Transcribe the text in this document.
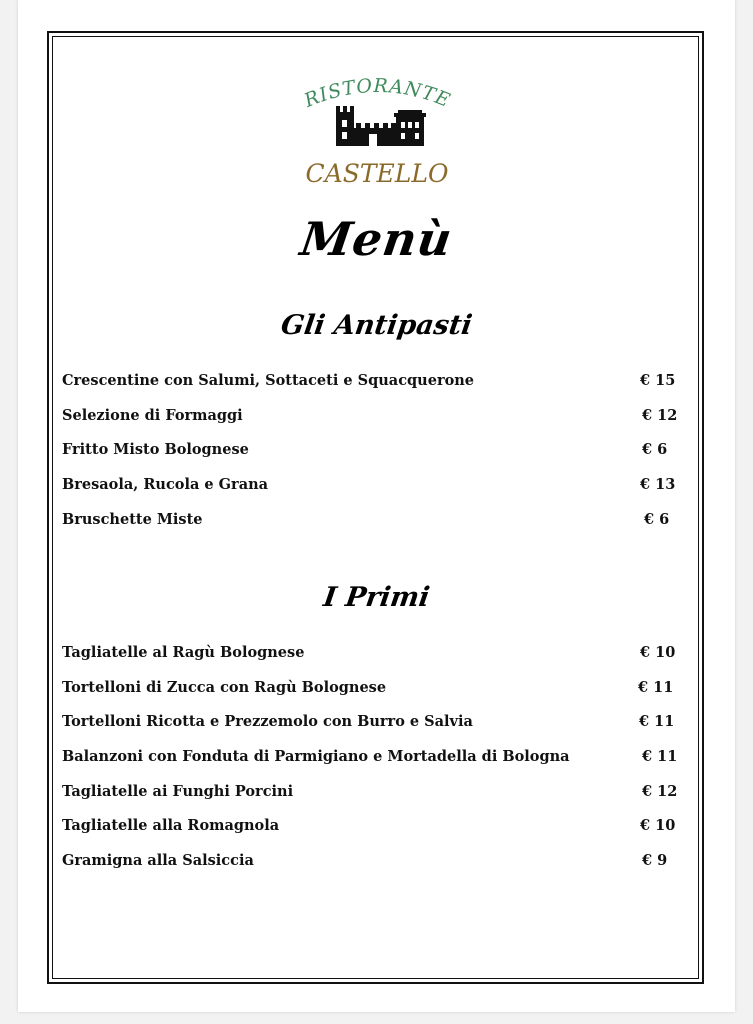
RISTORANTE
CASTELLO
Menù
Gli Antipasti
Crescentine con Salumi, Sottaceti e Squacquerone	€ 15
Selezione di Formaggi	€ 12
Fritto Misto Bolognese	€ 6
Bresaola, Rucola e Grana	€ 13
Bruschette Miste	€ 6
I Primi
Tagliatelle al Ragù Bolognese	€ 10
Tortelloni di Zucca con Ragù Bolognese	€ 11
Tortelloni Ricotta e Prezzemolo con Burro e Salvia	€ 11
Balanzoni con Fonduta di Parmigiano e Mortadella di Bologna	€ 11
Tagliatelle ai Funghi Porcini	€ 12
Tagliatelle alla Romagnola	€ 10
Gramigna alla Salsiccia	€ 9
